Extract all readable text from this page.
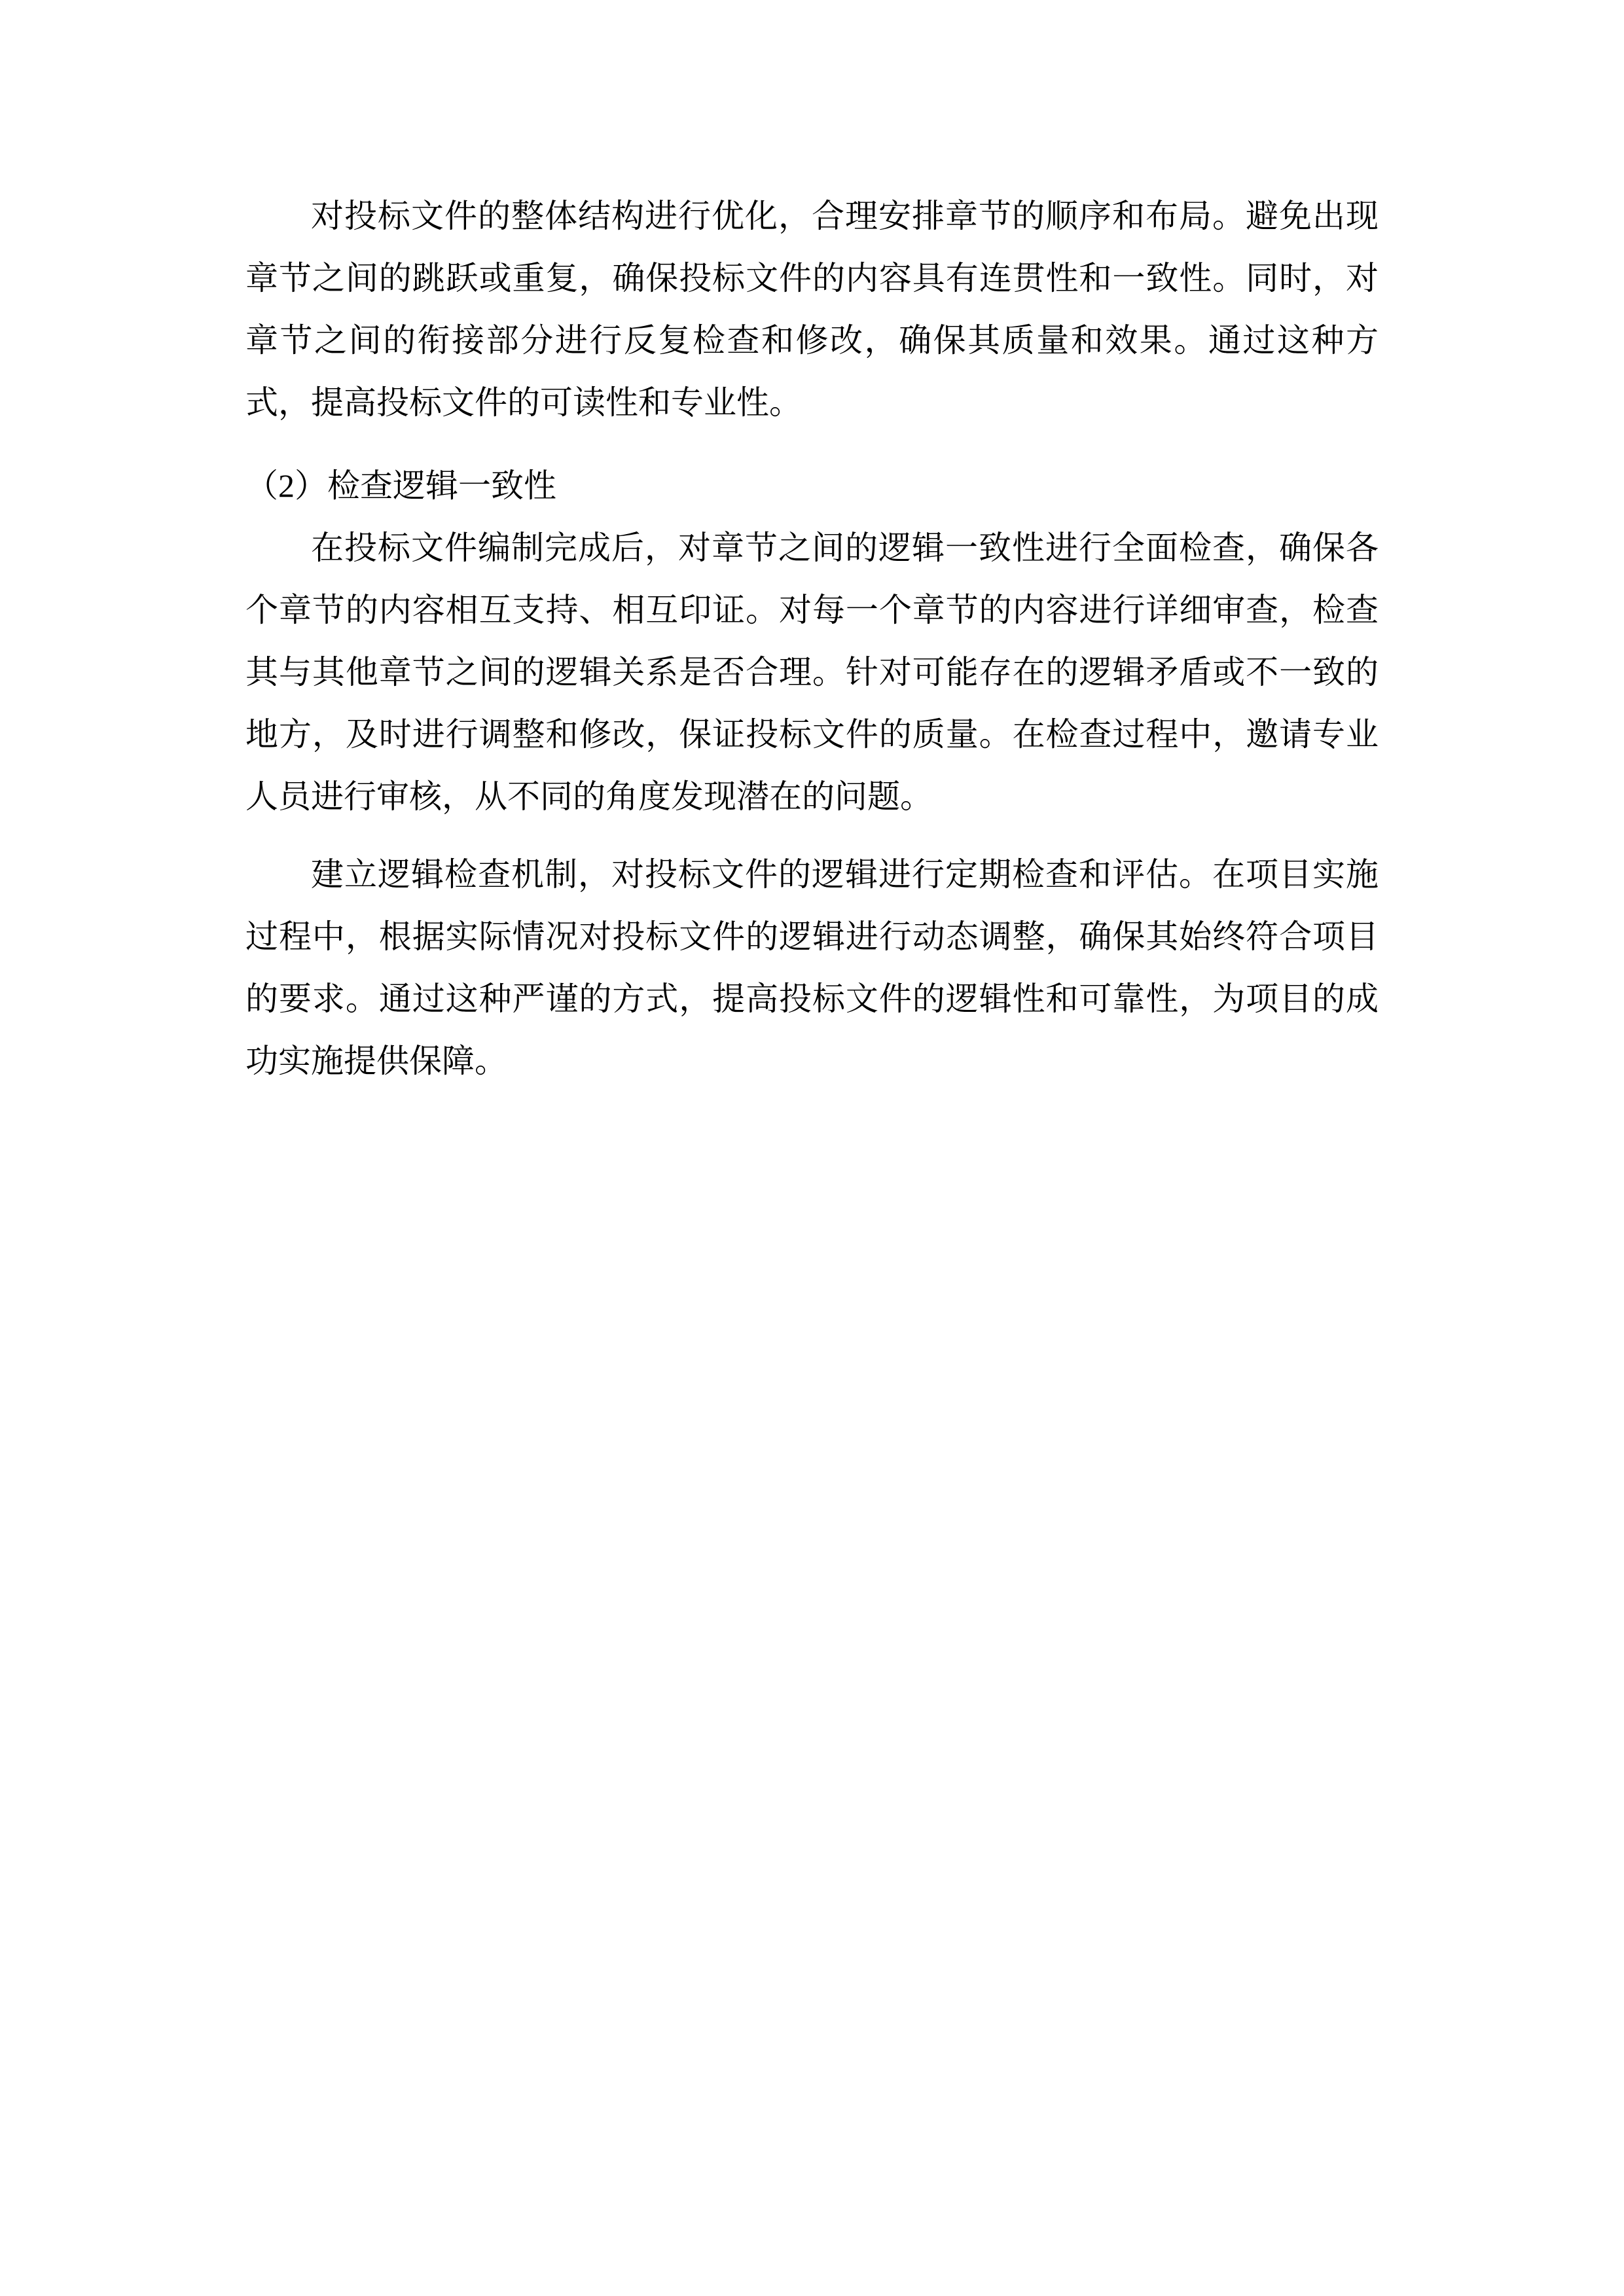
对投标文件的整体结构进行优化，合理安排章节的顺序和布局。避免出现
章节之间的跳跃或重复，确保投标文件的内容具有连贯性和一致性。同时，对
章节之间的衔接部分进行反复检查和修改，确保其质量和效果。通过这种方
式，提高投标文件的可读性和专业性。
（2）检查逻辑一致性
在投标文件编制完成后，对章节之间的逻辑一致性进行全面检查，确保各
个章节的内容相互支持、相互印证。对每一个章节的内容进行详细审查，检查
其与其他章节之间的逻辑关系是否合理。针对可能存在的逻辑矛盾或不一致的
地方，及时进行调整和修改，保证投标文件的质量。在检查过程中，邀请专业
人员进行审核，从不同的角度发现潜在的问题。
建立逻辑检查机制，对投标文件的逻辑进行定期检查和评估。在项目实施
过程中，根据实际情况对投标文件的逻辑进行动态调整，确保其始终符合项目
的要求。通过这种严谨的方式，提高投标文件的逻辑性和可靠性，为项目的成
功实施提供保障。
